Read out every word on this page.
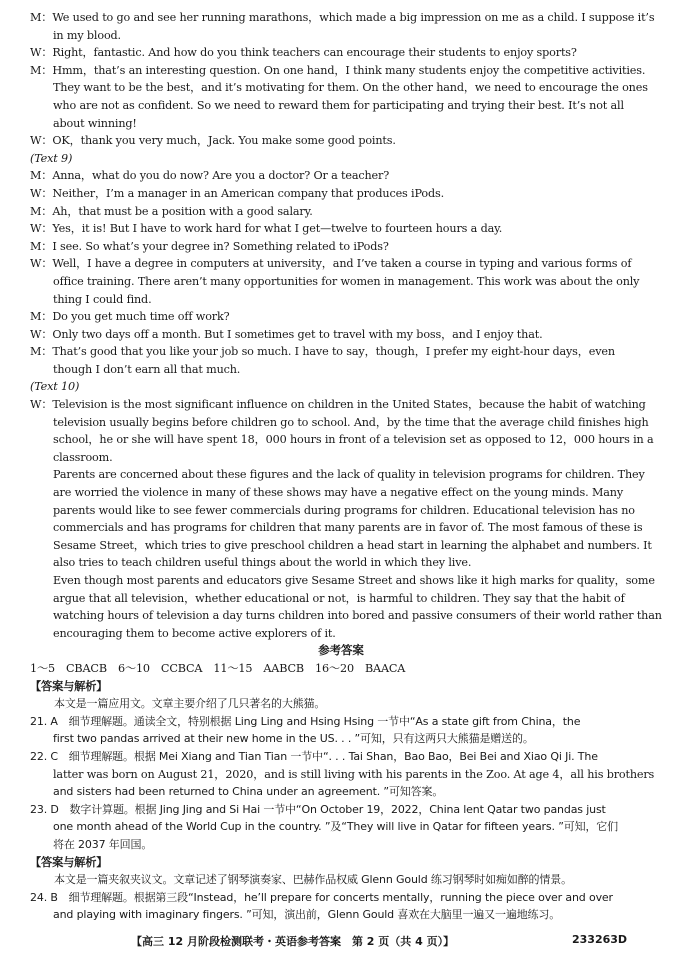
M：We used to go and see her running marathons，which made a big impression on me as a child. I suppose it’s
in my blood.
W：Right，fantastic. And how do you think teachers can encourage their students to enjoy sports?
M：Hmm，that’s an interesting question. On one hand，I think many students enjoy the competitive activities.
They want to be the best，and it’s motivating for them. On the other hand，we need to encourage the ones
who are not as confident. So we need to reward them for participating and trying their best. It’s not all
about winning!
W：OK，thank you very much，Jack. You make some good points.
(Text 9)
M：Anna，what do you do now? Are you a doctor? Or a teacher?
W：Neither，I’m a manager in an American company that produces iPods.
M：Ah，that must be a position with a good salary.
W：Yes，it is! But I have to work hard for what I get—twelve to fourteen hours a day.
M：I see. So what’s your degree in? Something related to iPods?
W：Well，I have a degree in computers at university，and I’ve taken a course in typing and various forms of
office training. There aren’t many opportunities for women in management. This work was about the only
thing I could find.
M：Do you get much time off work?
W：Only two days off a month. But I sometimes get to travel with my boss，and I enjoy that.
M：That’s good that you like your job so much. I have to say，though，I prefer my eight-hour days，even
though I don’t earn all that much.
(Text 10)
W：Television is the most significant influence on children in the United States，because the habit of watching
television usually begins before children go to school. And，by the time that the average child finishes high
school，he or she will have spent 18，000 hours in front of a television set as opposed to 12，000 hours in a
classroom.
Parents are concerned about these figures and the lack of quality in television programs for children. They
are worried the violence in many of these shows may have a negative effect on the young minds. Many
parents would like to see fewer commercials during programs for children. Educational television has no
commercials and has programs for children that many parents are in favor of. The most famous of these is
Sesame Street，which tries to give preschool children a head start in learning the alphabet and numbers. It
also tries to teach children useful things about the world in which they live.
Even though most parents and educators give Sesame Street and shows like it high marks for quality，some
argue that all television，whether educational or not，is harmful to children. They say that the habit of
watching hours of television a day turns children into bored and passive consumers of their world rather than
encouraging them to become active explorers of it.
参考答案
1～5　CBACB　6～10　CCBCA　11～15　AABCB　16～20　BAACA
【答案与解析】
本文是一篇应用文。文章主要介绍了几只著名的大熊猫。
21. A　细节理解题。通读全文，特别根据 Ling Ling and Hsing Hsing 一节中“As a state gift from China，the
first two pandas arrived at their new home in the US. . . ”可知，只有这两只大熊猫是赠送的。
22. C　细节理解题。根据 Mei Xiang and Tian Tian 一节中“. . . Tai Shan，Bao Bao，Bei Bei and Xiao Qi Ji. The
latter was born on August 21，2020，and is still living with his parents in the Zoo. At age 4，all his brothers
and sisters had been returned to China under an agreement. ”可知答案。
23. D　数字计算题。根据 Jing Jing and Si Hai 一节中“On October 19，2022，China lent Qatar two pandas just
one month ahead of the World Cup in the country. ”及“They will live in Qatar for fifteen years. ”可知，它们
将在 2037 年回国。
【答案与解析】
本文是一篇夹叙夹议文。文章记述了钢琴演奏家、巴赫作品权威 Glenn Gould 练习钢琴时如痴如醉的情景。
24. B　细节理解题。根据第三段“Instead，he’ll prepare for concerts mentally，running the piece over and over
and playing with imaginary fingers. ”可知，演出前，Glenn Gould 喜欢在大脑里一遍又一遍地练习。
【高三 12 月阶段检测联考・英语参考答案　第 2 页（共 4 页）】	233263D
